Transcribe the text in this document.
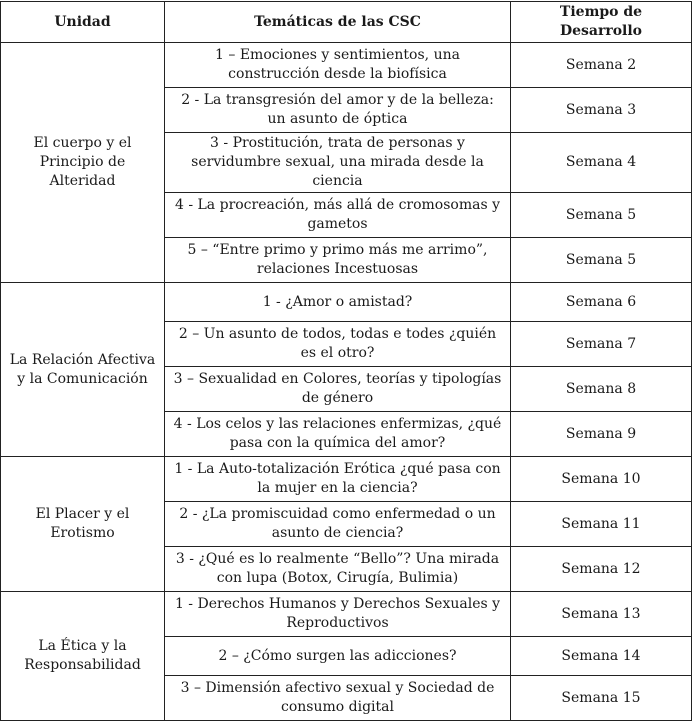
Unidad	Temáticas de las CSC	Tiempo de Desarrollo
El cuerpo y el Principio de Alteridad	1 – Emociones y sentimientos, una construcción desde la biofísica	Semana 2
	2 - La transgresión del amor y de la belleza: un asunto de óptica	Semana 3
	3 - Prostitución, trata de personas y servidumbre sexual, una mirada desde la ciencia	Semana 4
	4 - La procreación, más allá de cromosomas y gametos	Semana 5
	5 – “Entre primo y primo más me arrimo”, relaciones Incestuosas	Semana 5
La Relación Afectiva y la Comunicación	1 - ¿Amor o amistad?	Semana 6
	2 – Un asunto de todos, todas e todes ¿quién es el otro?	Semana 7
	3 – Sexualidad en Colores, teorías y tipologías de género	Semana 8
	4 - Los celos y las relaciones enfermizas, ¿qué pasa con la química del amor?	Semana 9
El Placer y el Erotismo	1 - La Auto-totalización Erótica ¿qué pasa con la mujer en la ciencia?	Semana 10
	2 - ¿La promiscuidad como enfermedad o un asunto de ciencia?	Semana 11
	3 - ¿Qué es lo realmente “Bello”? Una mirada con lupa (Botox, Cirugía, Bulimia)	Semana 12
La Ética y la Responsabilidad	1 - Derechos Humanos y Derechos Sexuales y Reproductivos	Semana 13
	2 – ¿Cómo surgen las adicciones?	Semana 14
	3 – Dimensión afectivo sexual y Sociedad de consumo digital	Semana 15
